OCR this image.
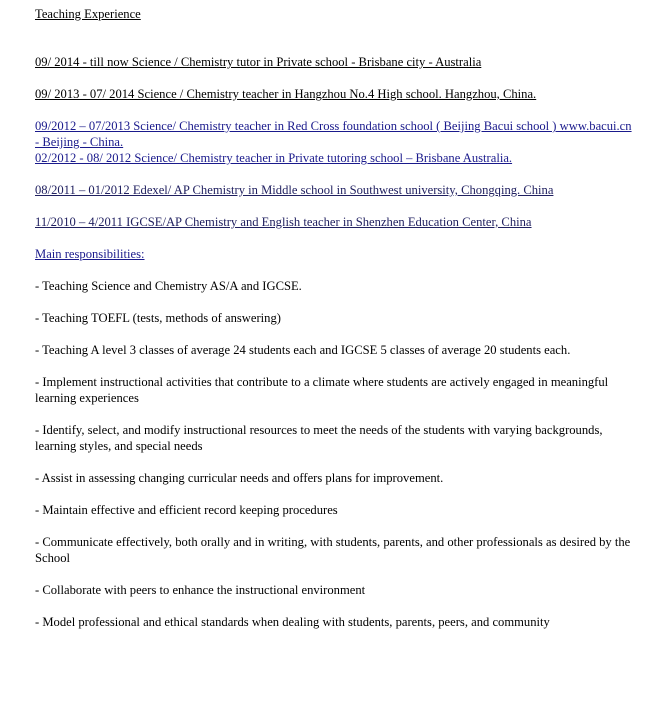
Teaching Experience

09/ 2014 - till now Science / Chemistry tutor in Private school - Brisbane city - Australia

09/ 2013 - 07/ 2014 Science / Chemistry teacher in Hangzhou No.4 High school. Hangzhou, China.

09/2012 – 07/2013 Science/ Chemistry teacher in Red Cross foundation school ( Beijing Bacui school ) www.bacui.cn - Beijing - China.

02/2012 - 08/ 2012 Science/ Chemistry teacher in Private tutoring school – Brisbane Australia.

08/2011 – 01/2012 Edexel/ AP Chemistry in Middle school in Southwest university, Chongqing. China

11/2010 – 4/2011 IGCSE/AP Chemistry and English teacher in Shenzhen Education Center, China

Main responsibilities:

- Teaching Science and Chemistry AS/A and IGCSE.

- Teaching TOEFL (tests, methods of answering)

- Teaching A level 3 classes of average 24 students each and IGCSE 5 classes of average 20 students each.

- Implement instructional activities that contribute to a climate where students are actively engaged in meaningful learning experiences

- Identify, select, and modify instructional resources to meet the needs of the students with varying backgrounds, learning styles, and special needs

- Assist in assessing changing curricular needs and offers plans for improvement.

- Maintain effective and efficient record keeping procedures

- Communicate effectively, both orally and in writing, with students, parents, and other professionals as desired by the School

- Collaborate with peers to enhance the instructional environment

- Model professional and ethical standards when dealing with students, parents, peers, and community
